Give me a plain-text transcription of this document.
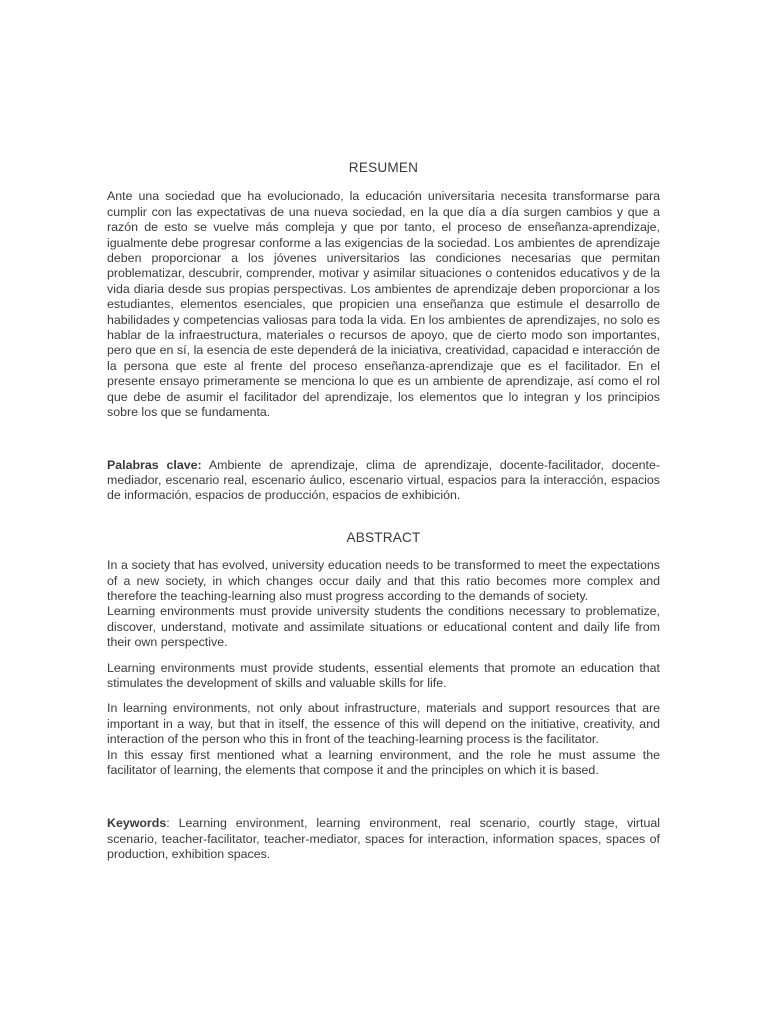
RESUMEN

Ante una sociedad que ha evolucionado, la educación universitaria necesita transformarse para cumplir con las expectativas de una nueva sociedad, en la que día a día surgen cambios y que a razón de esto se vuelve más compleja y que por tanto, el proceso de enseñanza-aprendizaje, igualmente debe progresar conforme a las exigencias de la sociedad. Los ambientes de aprendizaje deben proporcionar a los jóvenes universitarios las condiciones necesarias que permitan problematizar, descubrir, comprender, motivar y asimilar situaciones o contenidos educativos y de la vida diaria desde sus propias perspectivas. Los ambientes de aprendizaje deben proporcionar a los estudiantes, elementos esenciales, que propicien una enseñanza que estimule el desarrollo de habilidades y competencias valiosas para toda la vida. En los ambientes de aprendizajes, no solo es hablar de la infraestructura, materiales o recursos de apoyo, que de cierto modo son importantes, pero que en sí, la esencia de este dependerá de la iniciativa, creatividad, capacidad e interacción de la persona que este al frente del proceso enseñanza-aprendizaje que es el facilitador. En el presente ensayo primeramente se menciona lo que es un ambiente de aprendizaje, así como el rol que debe de asumir el facilitador del aprendizaje, los elementos que lo integran y los principios sobre los que se fundamenta.

Palabras clave: Ambiente de aprendizaje, clima de aprendizaje, docente-facilitador, docente-mediador, escenario real, escenario áulico, escenario virtual, espacios para la interacción, espacios de información, espacios de producción, espacios de exhibición.

ABSTRACT

In a society that has evolved, university education needs to be transformed to meet the expectations of a new society, in which changes occur daily and that this ratio becomes more complex and therefore the teaching-learning also must progress according to the demands of society.

Learning environments must provide university students the conditions necessary to problematize, discover, understand, motivate and assimilate situations or educational content and daily life from their own perspective.

Learning environments must provide students, essential elements that promote an education that stimulates the development of skills and valuable skills for life.

In learning environments, not only about infrastructure, materials and support resources that are important in a way, but that in itself, the essence of this will depend on the initiative, creativity, and interaction of the person who this in front of the teaching-learning process is the facilitator.

In this essay first mentioned what a learning environment, and the role he must assume the facilitator of learning, the elements that compose it and the principles on which it is based.

Keywords: Learning environment, learning environment, real scenario, courtly stage, virtual scenario, teacher-facilitator, teacher-mediator, spaces for interaction, information spaces, spaces of production, exhibition spaces.
